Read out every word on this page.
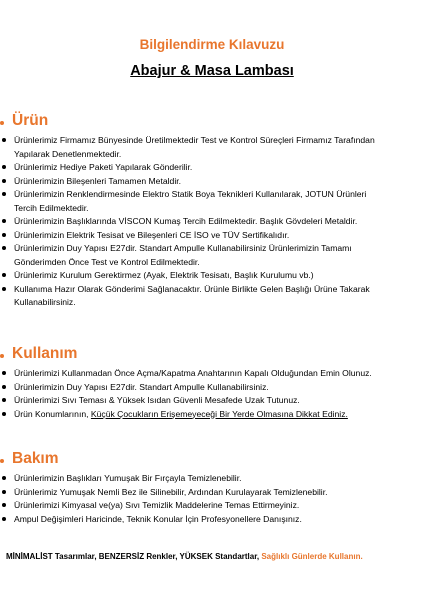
Bilgilendirme Kılavuzu
Abajur & Masa Lambası
Ürün
Ürünlerimiz Firmamız Bünyesinde Üretilmektedir Test ve Kontrol Süreçleri Firmamız Tarafından
Yapılarak Denetlenmektedir.
Ürünlerimiz Hediye Paketi Yapılarak Gönderilir.
Ürünlerimizin Bileşenleri Tamamen Metaldir.
Ürünlerimizin Renklendirmesinde Elektro Statik Boya Teknikleri Kullanılarak, JOTUN Ürünleri
Tercih Edilmektedir.
Ürünlerimizin Başlıklarında VİSCON Kumaş Tercih Edilmektedir. Başlık Gövdeleri Metaldir.
Ürünlerimizin Elektrik Tesisat ve Bileşenleri CE İSO ve TÜV Sertifikalıdır.
Ürünlerimizin Duy Yapısı E27dir. Standart Ampulle Kullanabilirsiniz Ürünlerimizin Tamamı
Gönderimden Önce Test ve Kontrol Edilmektedir.
Ürünlerimiz Kurulum Gerektirmez (Ayak, Elektrik Tesisatı, Başlık Kurulumu vb.)
Kullanıma Hazır Olarak Gönderimi Sağlanacaktır. Ürünle Birlikte Gelen Başlığı Ürüne Takarak
Kullanabilirsiniz.
Kullanım
Ürünlerimizi Kullanmadan Önce Açma/Kapatma Anahtarının Kapalı Olduğundan Emin Olunuz.
Ürünlerimizin Duy Yapısı E27dir. Standart Ampulle Kullanabilirsiniz.
Ürünlerimizi Sıvı Teması & Yüksek Isıdan Güvenli Mesafede Uzak Tutunuz.
Ürün Konumlarının, Küçük Çocukların Erişemeyeceği Bir Yerde Olmasına Dikkat Ediniz.
Bakım
Ürünlerimizin Başlıkları Yumuşak Bir Fırçayla Temizlenebilir.
Ürünlerimiz Yumuşak Nemli Bez ile Silinebilir, Ardından Kurulayarak Temizlenebilir.
Ürünlerimizi Kimyasal ve(ya) Sıvı Temizlik Maddelerine Temas Ettirmeyiniz.
Ampul Değişimleri Haricinde, Teknik Konular İçin Profesyonellere Danışınız.
MİNİMALİST Tasarımlar, BENZERSİZ Renkler, YÜKSEK Standartlar, Sağlıklı Günlerde Kullanın.
